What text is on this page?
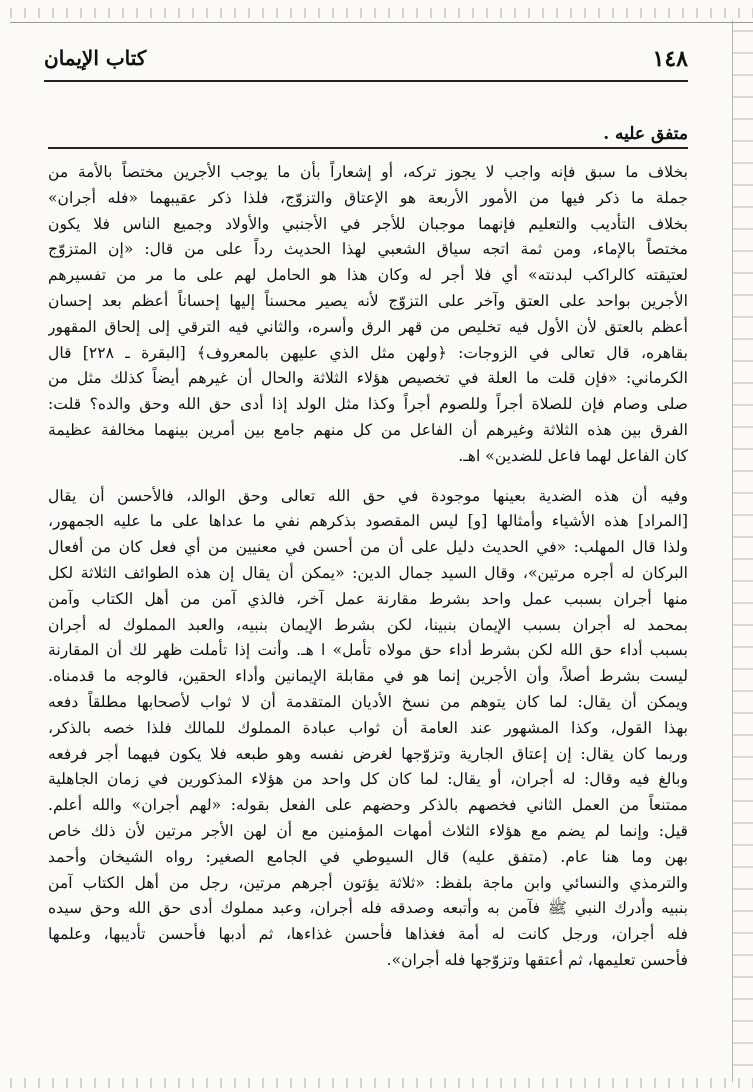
١٤٨
كتاب الإيمان
متفق عليه .

بخلاف ما سبق فإنه واجب لا يجوز تركه، أو إشعاراً بأن ما يوجب الأجرين مختصاً بالأمة من
جملة ما ذكر فيها من الأمور الأربعة هو الإعتاق والتزوّج، فلذا ذكر عقيبهما «فله أجران»
بخلاف التأديب والتعليم فإنهما موجبان للأجر في الأجنبي والأولاد وجميع الناس فلا يكون
مختصاً بالإماء، ومن ثمة اتجه سياق الشعبي لهذا الحديث رداً على من قال: «إن المتزوّج
لعتيقته كالراكب لبدنته» أي فلا أجر له وكان هذا هو الحامل لهم على ما مر من تفسيرهم
الأجرين بواحد على العتق وآخر على التزوّج لأنه يصير محسناً إليها إحساناً أعظم بعد إحسان
أعظم بالعتق لأن الأول فيه تخليص من قهر الرق وأسره، والثاني فيه الترقي إلى إلحاق المقهور
بقاهره، قال تعالى في الزوجات: ﴿ولهن مثل الذي عليهن بالمعروف﴾ [البقرة ـ ٢٢٨] قال
الكرماني: «فإن قلت ما العلة في تخصيص هؤلاء الثلاثة والحال أن غيرهم أيضاً كذلك مثل من
صلى وصام فإن للصلاة أجراً وللصوم أجراً وكذا مثل الولد إذا أدى حق الله وحق والده؟ قلت:
الفرق بين هذه الثلاثة وغيرهم أن الفاعل من كل منهم جامع بين أمرين بينهما مخالفة عظيمة
كان الفاعل لهما فاعل للضدين» اهـ.

وفيه أن هذه الضدية بعينها موجودة في حق الله تعالى وحق الوالد، فالأحسن أن يقال
[المراد] هذه الأشياء وأمثالها [و] ليس المقصود بذكرهم نفي ما عداها على ما عليه الجمهور،
ولذا قال المهلب: «في الحديث دليل على أن من أحسن في معنيين من أي فعل كان من أفعال
البركان له أجره مرتين»، وقال السيد جمال الدين: «يمكن أن يقال إن هذه الطوائف الثلاثة لكل
منها أجران بسبب عمل واحد بشرط مقارنة عمل آخر، فالذي آمن من أهل الكتاب وآمن
بمحمد له أجران بسبب الإيمان بنبينا، لكن بشرط الإيمان بنبيه، والعبد المملوك له أجران
بسبب أداء حق الله لكن بشرط أداء حق مولاه تأمل» ا هـ. وأنت إذا تأملت ظهر لك أن المقارنة
ليست بشرط أصلاً، وأن الأجرين إنما هو في مقابلة الإيمانين وأداء الحقين، فالوجه ما قدمناه.
ويمكن أن يقال: لما كان يتوهم من نسخ الأديان المتقدمة أن لا ثواب لأصحابها مطلقاً دفعه
بهذا القول، وكذا المشهور عند العامة أن ثواب عبادة المملوك للمالك فلذا خصه بالذكر،
وربما كان يقال: إن إعتاق الجارية وتزوّجها لغرض نفسه وهو طبعه فلا يكون فيهما أجر فرفعه
وبالغ فيه وقال: له أجران، أو يقال: لما كان كل واحد من هؤلاء المذكورين في زمان الجاهلية
ممتنعاً من العمل الثاني فخصهم بالذكر وحضهم على الفعل بقوله: «لهم أجران» والله أعلم.
قيل: وإنما لم يضم مع هؤلاء الثلاث أمهات المؤمنين مع أن لهن الأجر مرتين لأن ذلك خاص
بهن وما هنا عام. (متفق عليه) قال السيوطي في الجامع الصغير: رواه الشيخان وأحمد
والترمذي والنسائي وابن ماجة بلفظ: «ثلاثة يؤتون أجرهم مرتين، رجل من أهل الكتاب آمن
بنبيه وأدرك النبي ﷺ فآمن به وأتبعه وصدقه فله أجران، وعبد مملوك أدى حق الله وحق سيده
فله أجران، ورجل كانت له أمة فغذاها فأحسن غذاءها، ثم أدبها فأحسن تأديبها، وعلمها
فأحسن تعليمها، ثم أعتقها وتزوّجها فله أجران».
